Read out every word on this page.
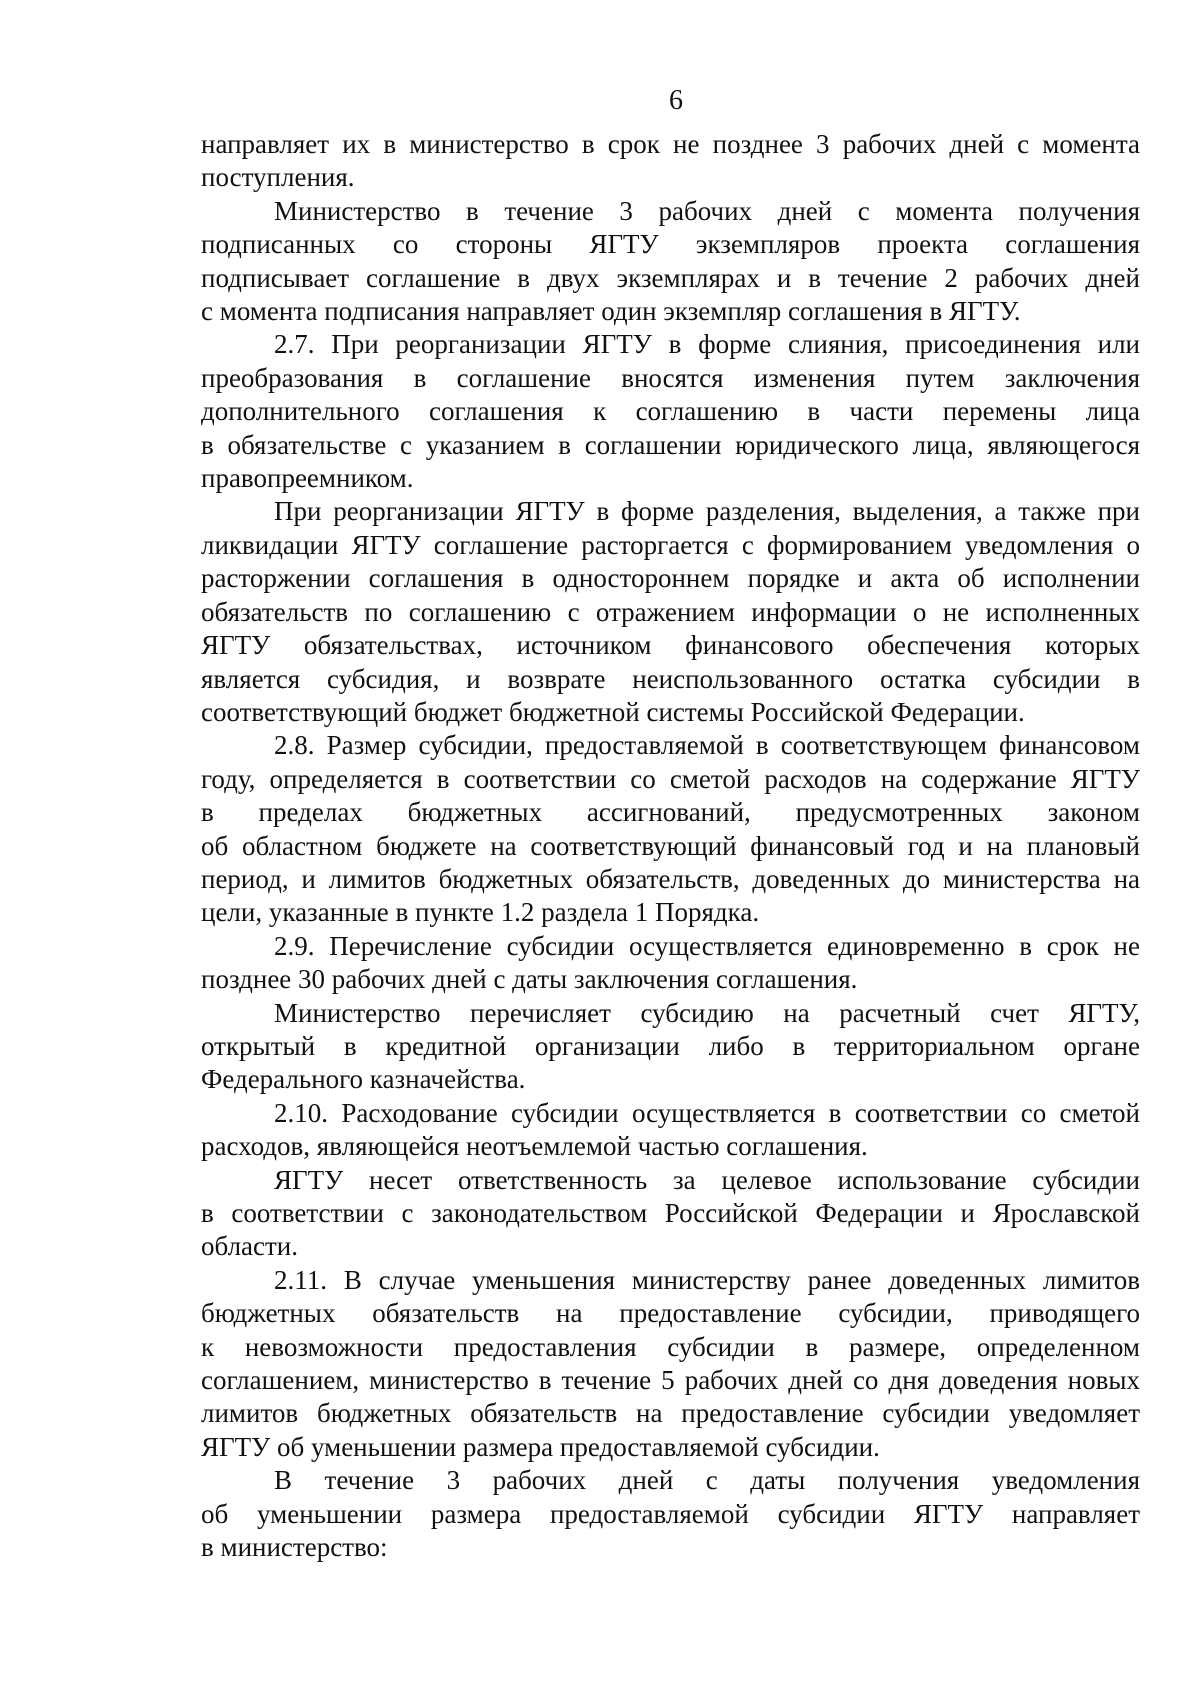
6

направляет их в министерство в срок не позднее 3 рабочих дней с момента
поступления.

Министерство в течение 3 рабочих дней с момента получения
подписанных со стороны ЯГТУ экземпляров проекта соглашения
подписывает соглашение в двух экземплярах и в течение 2 рабочих дней
с момента подписания направляет один экземпляр соглашения в ЯГТУ.

2.7. При реорганизации ЯГТУ в форме слияния, присоединения или
преобразования в соглашение вносятся изменения путем заключения
дополнительного соглашения к соглашению в части перемены лица
в обязательстве с указанием в соглашении юридического лица, являющегося
правопреемником.

При реорганизации ЯГТУ в форме разделения, выделения, а также при
ликвидации ЯГТУ соглашение расторгается с формированием уведомления о
расторжении соглашения в одностороннем порядке и акта об исполнении
обязательств по соглашению с отражением информации о не исполненных
ЯГТУ обязательствах, источником финансового обеспечения которых
является субсидия, и возврате неиспользованного остатка субсидии в
соответствующий бюджет бюджетной системы Российской Федерации.

2.8. Размер субсидии, предоставляемой в соответствующем финансовом
году, определяется в соответствии со сметой расходов на содержание ЯГТУ
в пределах бюджетных ассигнований, предусмотренных законом
об областном бюджете на соответствующий финансовый год и на плановый
период, и лимитов бюджетных обязательств, доведенных до министерства на
цели, указанные в пункте 1.2 раздела 1 Порядка.

2.9. Перечисление субсидии осуществляется единовременно в срок не
позднее 30 рабочих дней с даты заключения соглашения.

Министерство перечисляет субсидию на расчетный счет ЯГТУ,
открытый в кредитной организации либо в территориальном органе
Федерального казначейства.

2.10. Расходование субсидии осуществляется в соответствии со сметой
расходов, являющейся неотъемлемой частью соглашения.

ЯГТУ несет ответственность за целевое использование субсидии
в соответствии с законодательством Российской Федерации и Ярославской
области.

2.11. В случае уменьшения министерству ранее доведенных лимитов
бюджетных обязательств на предоставление субсидии, приводящего
к невозможности предоставления субсидии в размере, определенном
соглашением, министерство в течение 5 рабочих дней со дня доведения новых
лимитов бюджетных обязательств на предоставление субсидии уведомляет
ЯГТУ об уменьшении размера предоставляемой субсидии.

В течение 3 рабочих дней с даты получения уведомления
об уменьшении размера предоставляемой субсидии ЯГТУ направляет
в министерство:
